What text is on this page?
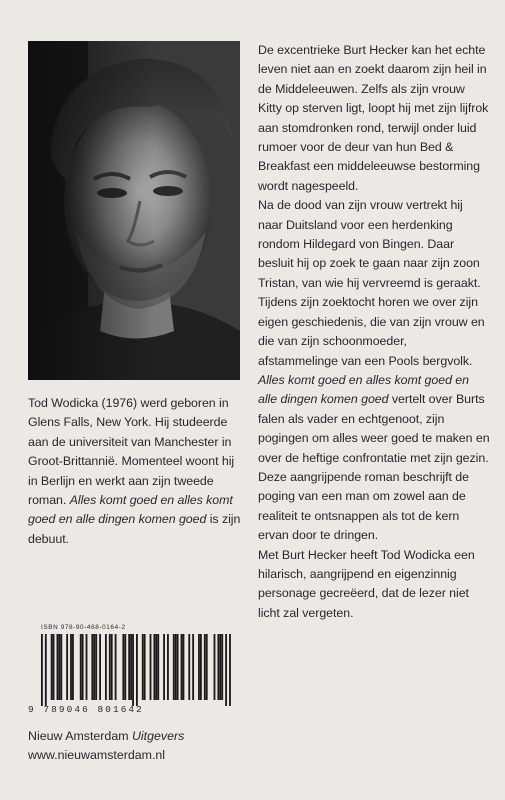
Tod Wodicka (1976) werd geboren in Glens Falls, New York. Hij studeerde aan de universiteit van Manchester in Groot-Brittannië. Momenteel woont hij in Berlijn en werkt aan zijn tweede roman. Alles komt goed en alles komt goed en alle dingen komen goed is zijn debuut.

De excentrieke Burt Hecker kan het echte leven niet aan en zoekt daarom zijn heil in de Middeleeuwen. Zelfs als zijn vrouw Kitty op sterven ligt, loopt hij met zijn lijfrok aan stomdronken rond, terwijl onder luid rumoer voor de deur van hun Bed & Breakfast een middeleeuwse bestorming wordt nagespeeld.

Na de dood van zijn vrouw vertrekt hij naar Duitsland voor een herdenking rondom Hildegard von Bingen. Daar besluit hij op zoek te gaan naar zijn zoon Tristan, van wie hij vervreemd is geraakt. Tijdens zijn zoektocht horen we over zijn eigen geschiedenis, die van zijn vrouw en die van zijn schoonmoeder, afstammelinge van een Pools bergvolk.

Alles komt goed en alles komt goed en alle dingen komen goed vertelt over Burts falen als vader en echtgenoot, zijn pogingen om alles weer goed te maken en over de heftige confrontatie met zijn gezin. Deze aangrijpende roman beschrijft de poging van een man om zowel aan de realiteit te ontsnappen als tot de kern ervan door te dringen.

Met Burt Hecker heeft Tod Wodicka een hilarisch, aangrijpend en eigenzinnig personage gecreëerd, dat de lezer niet licht zal vergeten.

ISBN 978-90-468-0164-2
9 789046 801642
Nieuw Amsterdam Uitgevers
www.nieuwamsterdam.nl
